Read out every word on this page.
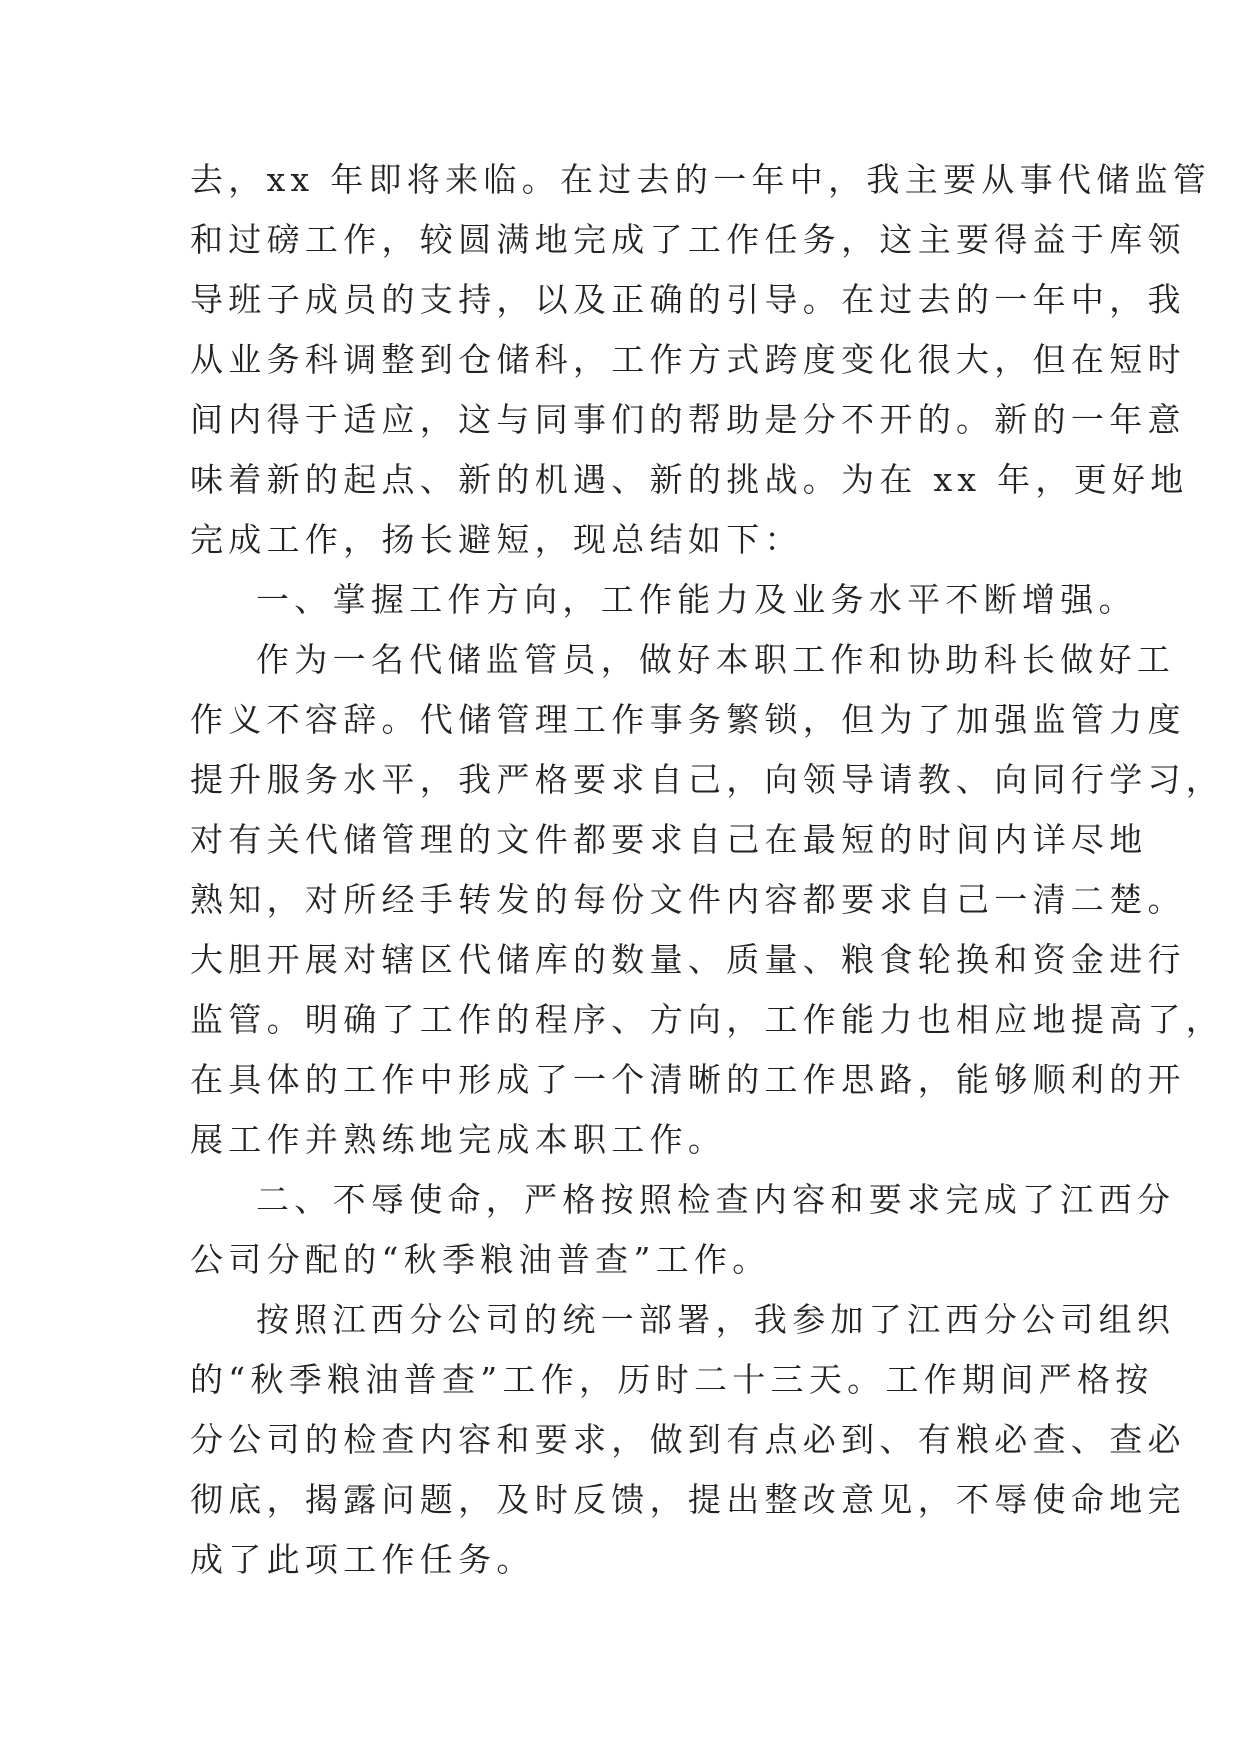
去，xx 年即将来临。在过去的一年中，我主要从事代储监管
和过磅工作，较圆满地完成了工作任务，这主要得益于库领
导班子成员的支持，以及正确的引导。在过去的一年中，我
从业务科调整到仓储科，工作方式跨度变化很大，但在短时
间内得于适应，这与同事们的帮助是分不开的。新的一年意
味着新的起点、新的机遇、新的挑战。为在 xx 年，更好地
完成工作，扬长避短，现总结如下：

一、掌握工作方向，工作能力及业务水平不断增强。

作为一名代储监管员，做好本职工作和协助科长做好工
作义不容辞。代储管理工作事务繁锁，但为了加强监管力度
提升服务水平，我严格要求自己，向领导请教、向同行学习，
对有关代储管理的文件都要求自己在最短的时间内详尽地
熟知，对所经手转发的每份文件内容都要求自己一清二楚。
大胆开展对辖区代储库的数量、质量、粮食轮换和资金进行
监管。明确了工作的程序、方向，工作能力也相应地提高了，
在具体的工作中形成了一个清晰的工作思路，能够顺利的开
展工作并熟练地完成本职工作。

二、不辱使命，严格按照检查内容和要求完成了江西分
公司分配的“秋季粮油普查”工作。

按照江西分公司的统一部署，我参加了江西分公司组织
的“秋季粮油普查”工作，历时二十三天。工作期间严格按
分公司的检查内容和要求，做到有点必到、有粮必查、查必
彻底，揭露问题，及时反馈，提出整改意见，不辱使命地完
成了此项工作任务。
